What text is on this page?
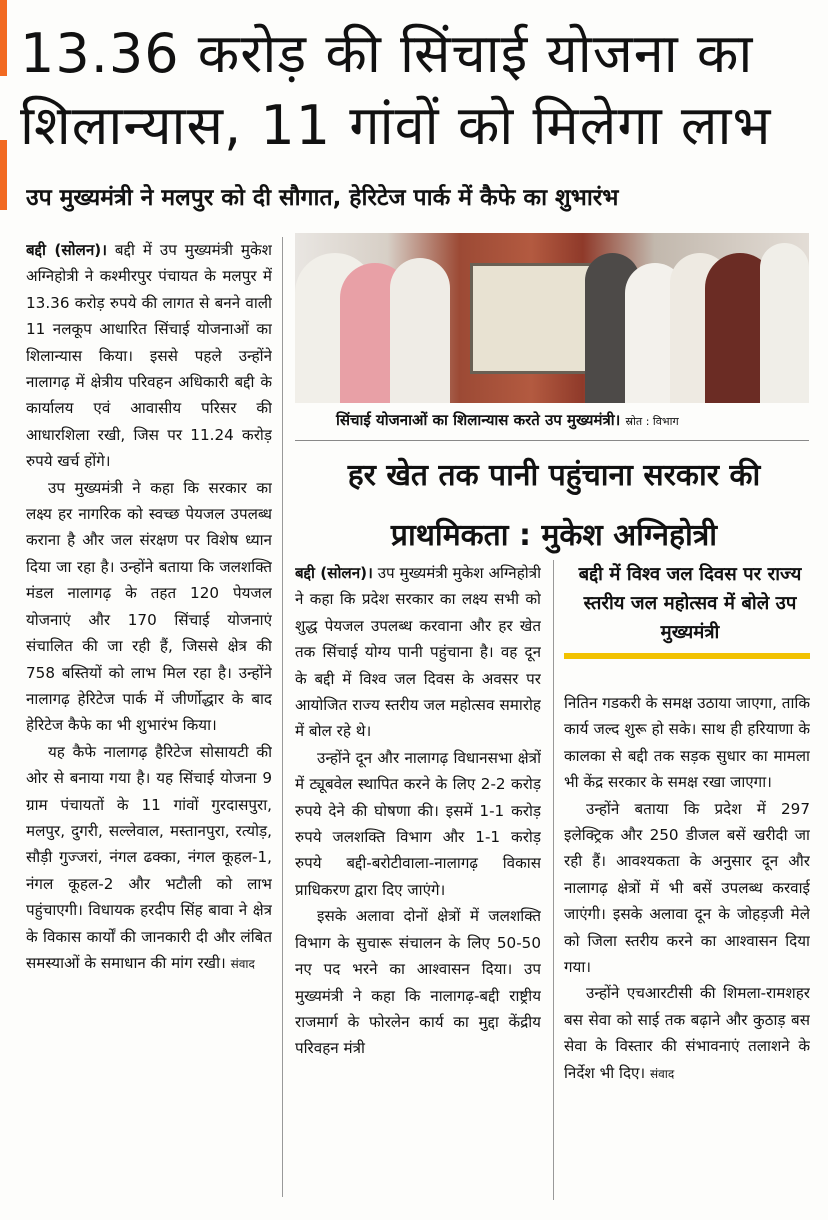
13.36 करोड़ की सिंचाई योजना का शिलान्यास, 11 गांवों को मिलेगा लाभ
उप मुख्यमंत्री ने मलपुर को दी सौगात, हेरिटेज पार्क में कैफे का शुभारंभ

बद्दी (सोलन)। बद्दी में उप मुख्यमंत्री मुकेश अग्निहोत्री ने कश्मीरपुर पंचायत के मलपुर में 13.36 करोड़ रुपये की लागत से बनने वाली 11 नलकूप आधारित सिंचाई योजनाओं का शिलान्यास किया। इससे पहले उन्होंने नालागढ़ में क्षेत्रीय परिवहन अधिकारी बद्दी के कार्यालय एवं आवासीय परिसर की आधारशिला रखी, जिस पर 11.24 करोड़ रुपये खर्च होंगे।

उप मुख्यमंत्री ने कहा कि सरकार का लक्ष्य हर नागरिक को स्वच्छ पेयजल उपलब्ध कराना है और जल संरक्षण पर विशेष ध्यान दिया जा रहा है। उन्होंने बताया कि जलशक्ति मंडल नालागढ़ के तहत 120 पेयजल योजनाएं और 170 सिंचाई योजनाएं संचालित की जा रही हैं, जिससे क्षेत्र की 758 बस्तियों को लाभ मिल रहा है। उन्होंने नालागढ़ हेरिटेज पार्क में जीर्णोद्धार के बाद हेरिटेज कैफे का भी शुभारंभ किया।

यह कैफे नालागढ़ हैरिटेज सोसायटी की ओर से बनाया गया है। यह सिंचाई योजना 9 ग्राम पंचायतों के 11 गांवों गुरदासपुरा, मलपुर, दुगरी, सल्लेवाल, मस्तानपुरा, रत्योड़, सौड़ी गुज्जरां, नंगल ढक्का, नंगल कूहल-1, नंगल कूहल-2 और भटौली को लाभ पहुंचाएगी। विधायक हरदीप सिंह बावा ने क्षेत्र के विकास कार्यों की जानकारी दी और लंबित समस्याओं के समाधान की मांग रखी। संवाद

सिंचाई योजनाओं का शिलान्यास करते उप मुख्यमंत्री। स्रोत : विभाग
हर खेत तक पानी पहुंचाना सरकार की प्राथमिकता : मुकेश अग्निहोत्री

बद्दी (सोलन)। उप मुख्यमंत्री मुकेश अग्निहोत्री ने कहा कि प्रदेश सरकार का लक्ष्य सभी को शुद्ध पेयजल उपलब्ध करवाना और हर खेत तक सिंचाई योग्य पानी पहुंचाना है। वह दून के बद्दी में विश्व जल दिवस के अवसर पर आयोजित राज्य स्तरीय जल महोत्सव समारोह में बोल रहे थे।

उन्होंने दून और नालागढ़ विधानसभा क्षेत्रों में ट्यूबवेल स्थापित करने के लिए 2-2 करोड़ रुपये देने की घोषणा की। इसमें 1-1 करोड़ रुपये जलशक्ति विभाग और 1-1 करोड़ रुपये बद्दी-बरोटीवाला-नालागढ़ विकास प्राधिकरण द्वारा दिए जाएंगे।

इसके अलावा दोनों क्षेत्रों में जलशक्ति विभाग के सुचारू संचालन के लिए 50-50 नए पद भरने का आश्वासन दिया। उप मुख्यमंत्री ने कहा कि नालागढ़-बद्दी राष्ट्रीय राजमार्ग के फोरलेन कार्य का मुद्दा केंद्रीय परिवहन मंत्री

बद्दी में विश्व जल दिवस पर राज्य स्तरीय जल महोत्सव में बोले उप मुख्यमंत्री

नितिन गडकरी के समक्ष उठाया जाएगा, ताकि कार्य जल्द शुरू हो सके। साथ ही हरियाणा के कालका से बद्दी तक सड़क सुधार का मामला भी केंद्र सरकार के समक्ष रखा जाएगा।

उन्होंने बताया कि प्रदेश में 297 इलेक्ट्रिक और 250 डीजल बसें खरीदी जा रही हैं। आवश्यकता के अनुसार दून और नालागढ़ क्षेत्रों में भी बसें उपलब्ध करवाई जाएंगी। इसके अलावा दून के जोहड़जी मेले को जिला स्तरीय करने का आश्वासन दिया गया।

उन्होंने एचआरटीसी की शिमला-रामशहर बस सेवा को साई तक बढ़ाने और कुठाड़ बस सेवा के विस्तार की संभावनाएं तलाशने के निर्देश भी दिए। संवाद
